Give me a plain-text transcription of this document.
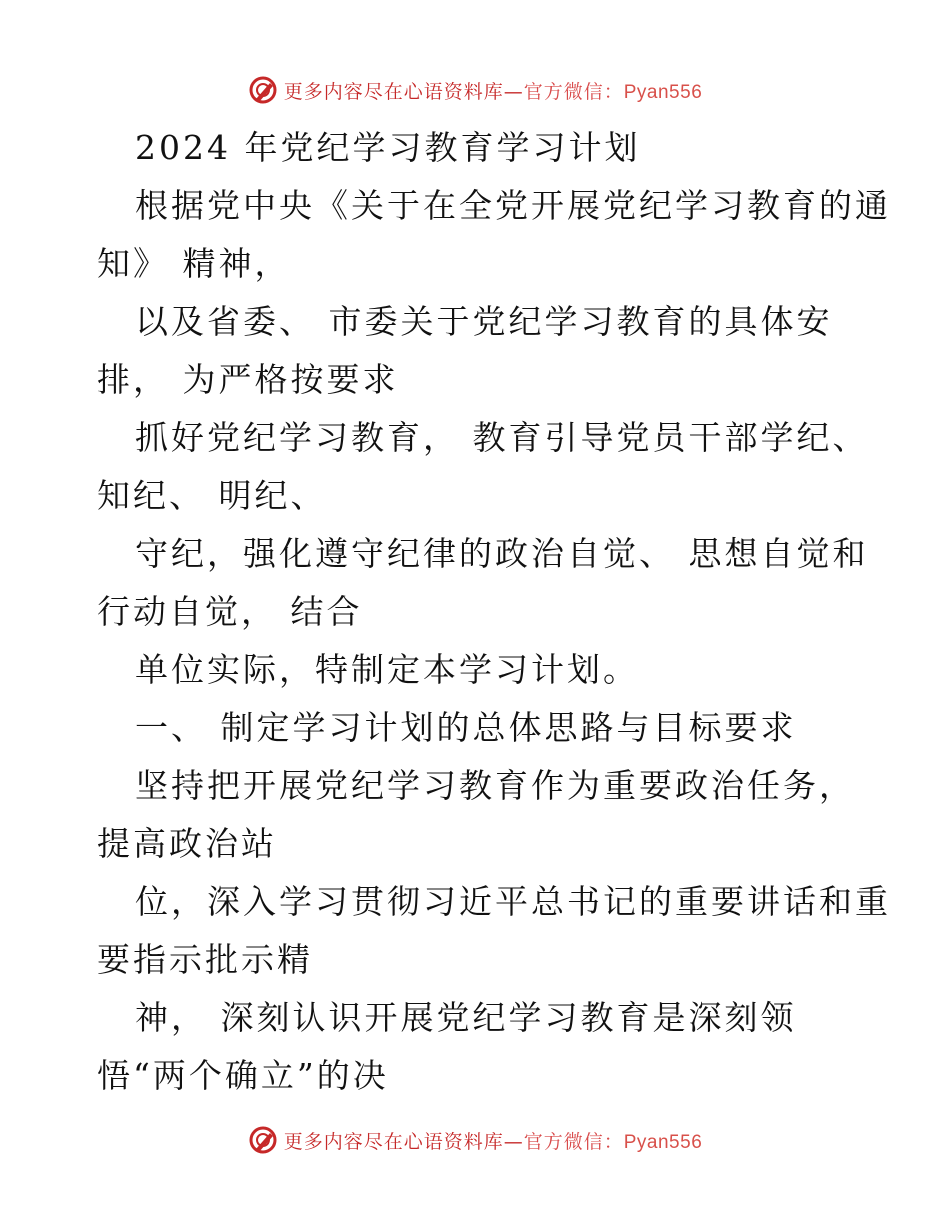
更多内容尽在心语资料库—官方微信：Pyan556
2024 年党纪学习教育学习计划
根据党中央《关于在全党开展党纪学习教育的通
知》 精神，
以及省委、 市委关于党纪学习教育的具体安
排， 为严格按要求
抓好党纪学习教育， 教育引导党员干部学纪、
知纪、 明纪、
守纪，强化遵守纪律的政治自觉、 思想自觉和
行动自觉， 结合
单位实际，特制定本学习计划。
一、 制定学习计划的总体思路与目标要求
坚持把开展党纪学习教育作为重要政治任务，
提高政治站
位，深入学习贯彻习近平总书记的重要讲话和重
要指示批示精
神， 深刻认识开展党纪学习教育是深刻领
悟“两个确立”的决
更多内容尽在心语资料库—官方微信：Pyan556
